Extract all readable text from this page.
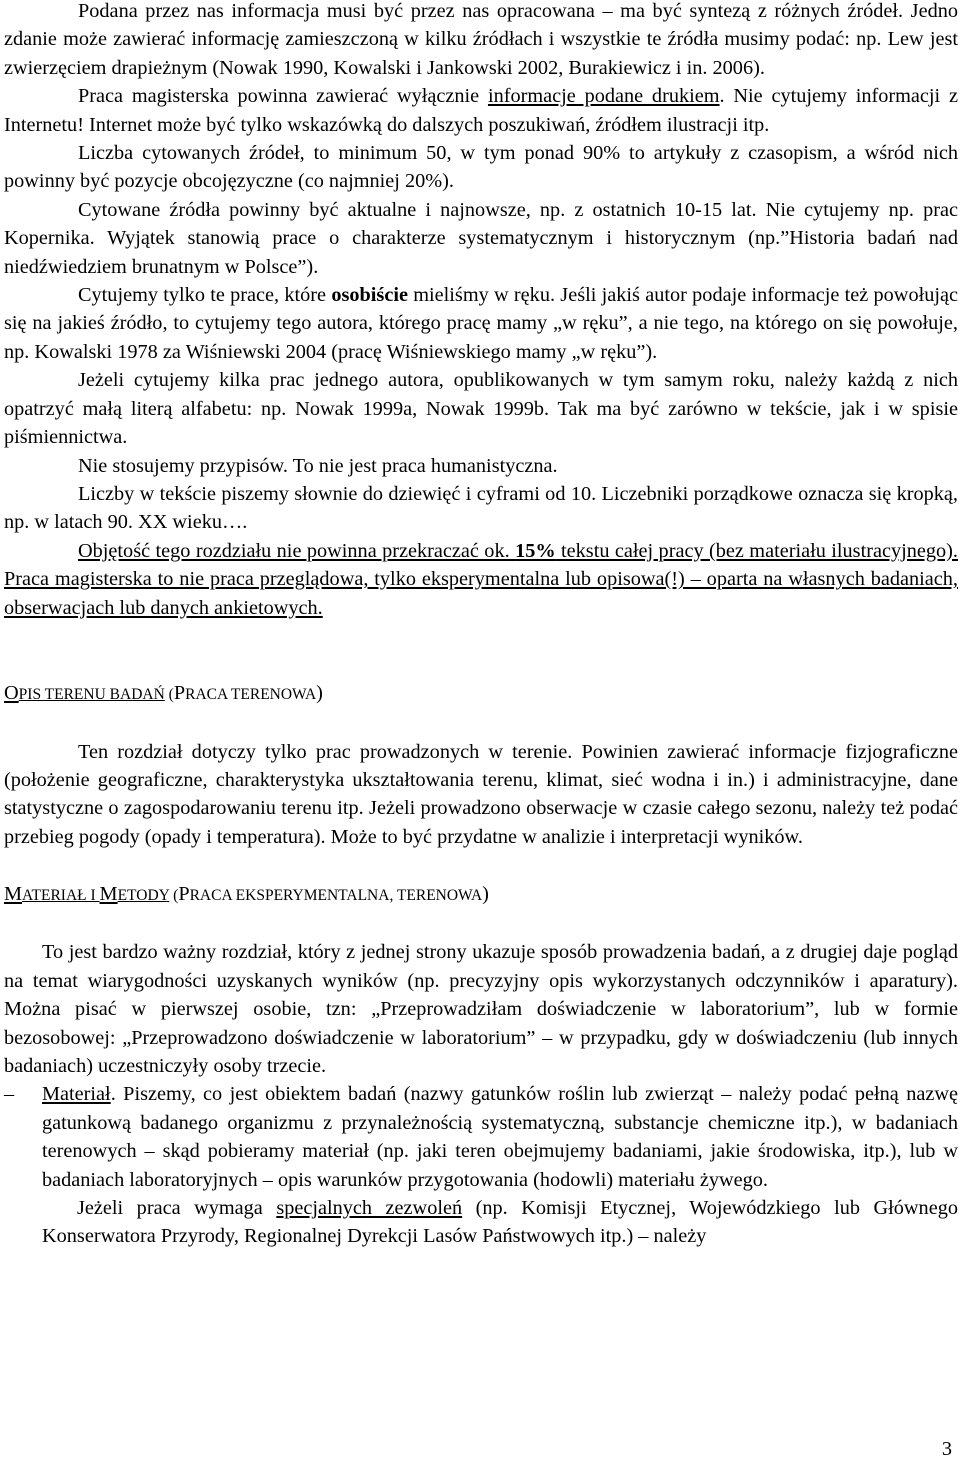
Podana przez nas informacja musi być przez nas opracowana – ma być syntezą z różnych źródeł. Jedno zdanie może zawierać informację zamieszczoną w kilku źródłach i wszystkie te źródła musimy podać: np. Lew jest zwierzęciem drapieżnym (Nowak 1990, Kowalski i Jankowski 2002, Burakiewicz i in. 2006).

Praca magisterska powinna zawierać wyłącznie informacje podane drukiem. Nie cytujemy informacji z Internetu! Internet może być tylko wskazówką do dalszych poszukiwań, źródłem ilustracji itp.

Liczba cytowanych źródeł, to minimum 50, w tym ponad 90% to artykuły z czasopism, a wśród nich powinny być pozycje obcojęzyczne (co najmniej 20%).

Cytowane źródła powinny być aktualne i najnowsze, np. z ostatnich 10-15 lat. Nie cytujemy np. prac Kopernika. Wyjątek stanowią prace o charakterze systematycznym i historycznym (np.”Historia badań nad niedźwiedziem brunatnym w Polsce”).

Cytujemy tylko te prace, które osobiście mieliśmy w ręku. Jeśli jakiś autor podaje informacje też powołując się na jakieś źródło, to cytujemy tego autora, którego pracę mamy „w ręku”, a nie tego, na którego on się powołuje, np. Kowalski 1978 za Wiśniewski 2004 (pracę Wiśniewskiego mamy „w ręku”).

Jeżeli cytujemy kilka prac jednego autora, opublikowanych w tym samym roku, należy każdą z nich opatrzyć małą literą alfabetu: np. Nowak 1999a, Nowak 1999b. Tak ma być zarówno w tekście, jak i w spisie piśmiennictwa.

Nie stosujemy przypisów. To nie jest praca humanistyczna.

Liczby w tekście piszemy słownie do dziewięć i cyframi od 10. Liczebniki porządkowe oznacza się kropką, np. w latach 90. XX wieku….

Objętość tego rozdziału nie powinna przekraczać ok. 15% tekstu całej pracy (bez materiału ilustracyjnego). Praca magisterska to nie praca przeglądowa, tylko eksperymentalna lub opisowa(!) – oparta na własnych badaniach, obserwacjach lub danych ankietowych.

OPIS TERENU BADAŃ (PRACA TERENOWA)

Ten rozdział dotyczy tylko prac prowadzonych w terenie. Powinien zawierać informacje fizjograficzne (położenie geograficzne, charakterystyka ukształtowania terenu, klimat, sieć wodna i in.) i administracyjne, dane statystyczne o zagospodarowaniu terenu itp. Jeżeli prowadzono obserwacje w czasie całego sezonu, należy też podać przebieg pogody (opady i temperatura). Może to być przydatne w analizie i interpretacji wyników.

MATERIAŁ I METODY (PRACA EKSPERYMENTALNA, TERENOWA)

To jest bardzo ważny rozdział, który z jednej strony ukazuje sposób prowadzenia badań, a z drugiej daje pogląd na temat wiarygodności uzyskanych wyników (np. precyzyjny opis wykorzystanych odczynników i aparatury). Można pisać w pierwszej osobie, tzn: „Przeprowadziłam doświadczenie w laboratorium”, lub w formie bezosobowej: „Przeprowadzono doświadczenie w laboratorium” – w przypadku, gdy w doświadczeniu (lub innych badaniach) uczestniczyły osoby trzecie.

– Materiał. Piszemy, co jest obiektem badań (nazwy gatunków roślin lub zwierząt – należy podać pełną nazwę gatunkową badanego organizmu z przynależnością systematyczną, substancje chemiczne itp.), w badaniach terenowych – skąd pobieramy materiał (np. jaki teren obejmujemy badaniami, jakie środowiska, itp.), lub w badaniach laboratoryjnych – opis warunków przygotowania (hodowli) materiału żywego.

Jeżeli praca wymaga specjalnych zezwoleń (np. Komisji Etycznej, Wojewódzkiego lub Głównego Konserwatora Przyrody, Regionalnej Dyrekcji Lasów Państwowych itp.) – należy

3
